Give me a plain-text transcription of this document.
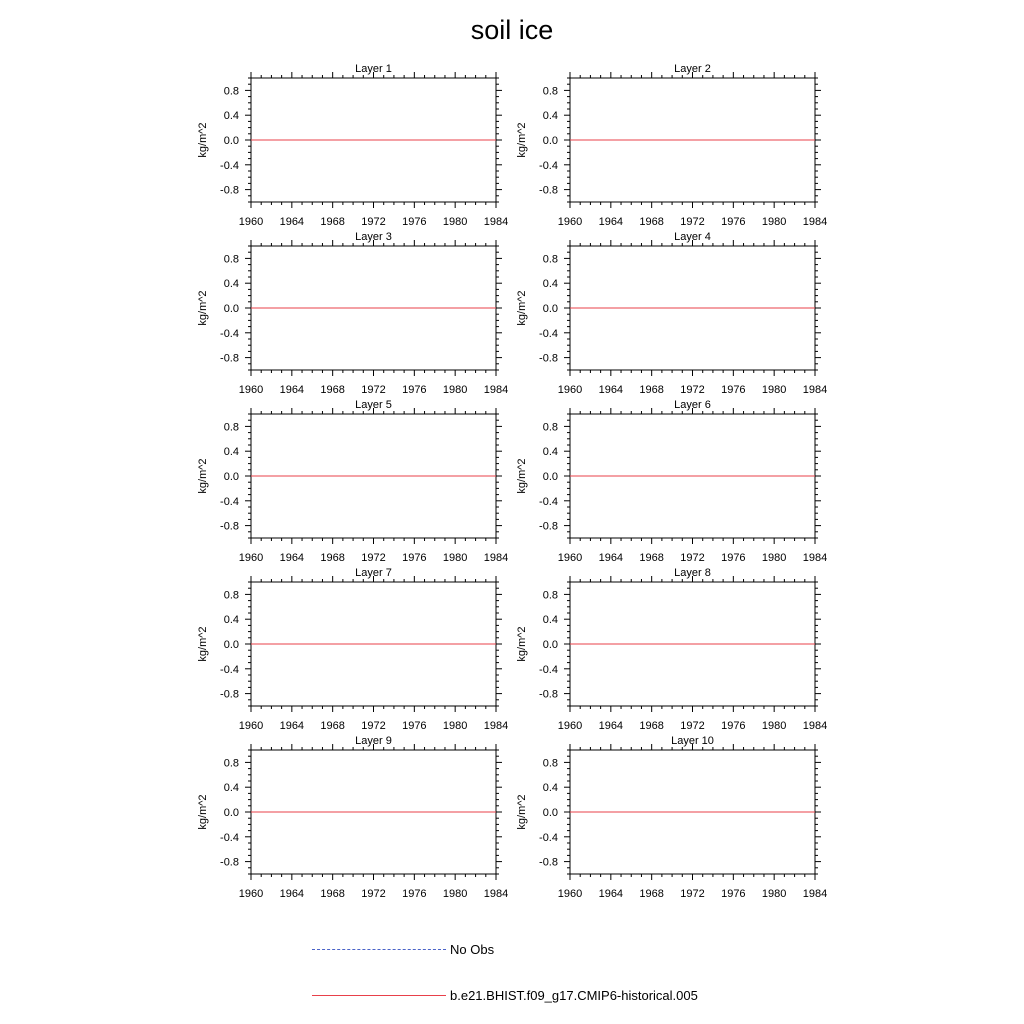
soil ice
Layer 1
1960 1964 1968 1972 1976 1980 1984
0.8
0.4
0.0
-0.4
-0.8
kg/m^2
Layer 2
1960 1964 1968 1972 1976 1980 1984
0.8
0.4
0.0
-0.4
-0.8
kg/m^2
Layer 3
1960 1964 1968 1972 1976 1980 1984
0.8
0.4
0.0
-0.4
-0.8
kg/m^2
Layer 4
1960 1964 1968 1972 1976 1980 1984
0.8
0.4
0.0
-0.4
-0.8
kg/m^2
Layer 5
1960 1964 1968 1972 1976 1980 1984
0.8
0.4
0.0
-0.4
-0.8
kg/m^2
Layer 6
1960 1964 1968 1972 1976 1980 1984
0.8
0.4
0.0
-0.4
-0.8
kg/m^2
Layer 7
1960 1964 1968 1972 1976 1980 1984
0.8
0.4
0.0
-0.4
-0.8
kg/m^2
Layer 8
1960 1964 1968 1972 1976 1980 1984
0.8
0.4
0.0
-0.4
-0.8
kg/m^2
Layer 9
1960 1964 1968 1972 1976 1980 1984
0.8
0.4
0.0
-0.4
-0.8
kg/m^2
Layer 10
1960 1964 1968 1972 1976 1980 1984
0.8
0.4
0.0
-0.4
-0.8
kg/m^2
No Obs
b.e21.BHIST.f09_g17.CMIP6-historical.005
